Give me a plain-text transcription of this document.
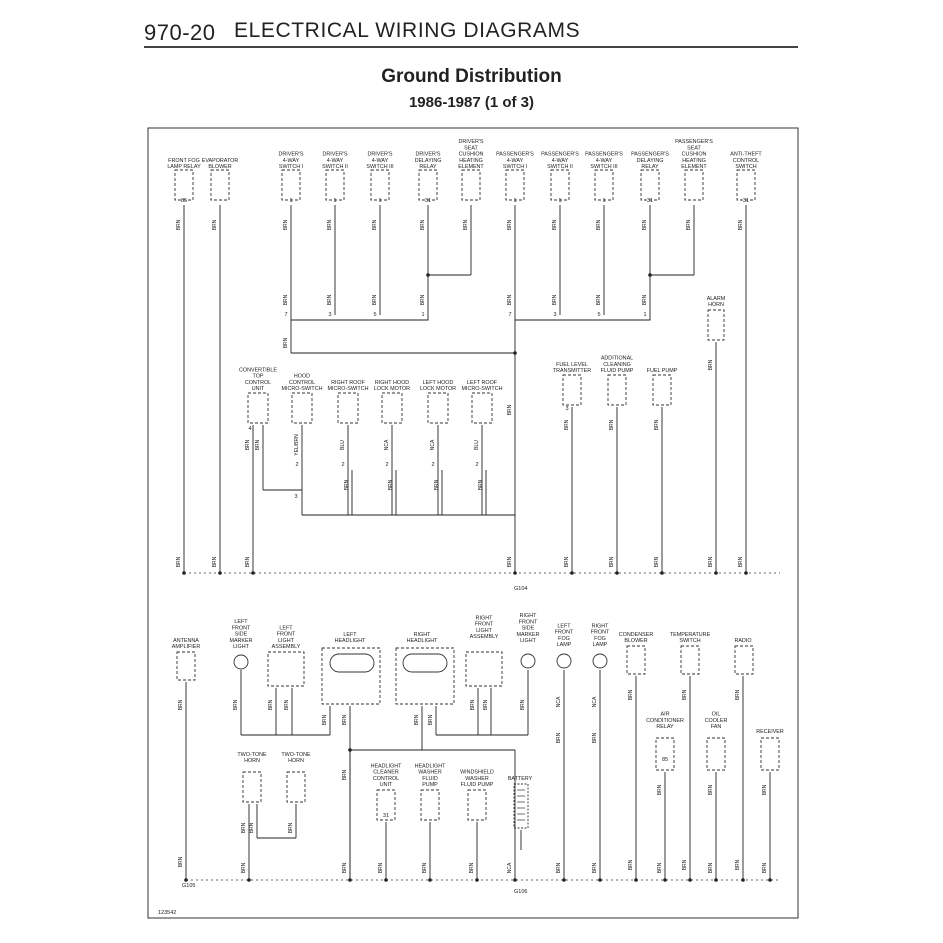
970-20 ELECTRICAL WIRING DIAGRAMS
Ground Distribution
1986-1987 (1 of 3)
FRONT FOG LAMP RELAY
85
BRN
EVAPORATOR BLOWER
BRN
DRIVER'S 4-WAY SWITCH I
1
BRN
DRIVER'S 4-WAY SWITCH II
1
BRN
DRIVER'S 4-WAY SWITCH III
1
BRN
DRIVER'S DELAYING RELAY
31
BRN
DRIVER'S SEAT CUSHION HEATING ELEMENT
BRN
PASSENGER'S 4-WAY SWITCH I
1
BRN
PASSENGER'S 4-WAY SWITCH II
1
BRN
PASSENGER'S 4-WAY SWITCH III
1
BRN
PASSENGER'S DELAYING RELAY
31
BRN
PASSENGER'S SEAT CUSHION HEATING ELEMENT
BRN
ANTI-THEFT CONTROL SWITCH
31
BRN
BRN	BRN	BRN
BRN
7
BRN
3
BRN
5
BRN
1
BRN
BRN
7
BRN
3
BRN
5
BRN
1
BRN
BRN
CONVERTIBLE TOP CONTROL UNIT
HOOD CONTROL MICRO-SWITCH
RIGHT ROOF MICRO-SWITCH
RIGHT HOOD LOCK MOTOR
LEFT HOOD LOCK MOTOR
LEFT ROOF MICRO-SWITCH
FUEL LEVEL TRANSMITTER
ADDITIONAL CLEANING FLUID PUMP FUEL PUMP
ALARM HORN
BRN BRN
BRN
4
YEL/BRN
2
BLU
2
NCA
2
NCA
2
BLU
2
BRN	BRN	BRN	BRN
3
BRN
BRN
BRN
BRN
BRN
BRN
3
BRN
BRN
ANTENNA AMPLIFIER
BRN
BRN
LEFT FRONT SIDE MARKER LIGHT
LEFT FRONT LIGHT ASSEMBLY
BRN	BRN BRN
LEFT HEADLIGHT
RIGHT HEADLIGHT
BRN	BRN	BRN BRN
RIGHT FRONT LIGHT ASSEMBLY
RIGHT FRONT SIDE MARKER LIGHT
BRN BRN	BRN
LEFT FRONT FOG LAMP
RIGHT FRONT FOG LAMP
NCA
BRN
BRN
NCA
BRN
BRN
CONDENSER BLOWER
TEMPERATURE SWITCH	RADIO
BRN
BRN
BRN
BRN
BRN
BRN
TWO-TONE HORN
TWO-TONE HORN
BRN BRN	BRN
BRN
HEADLIGHT CLEANER CONTROL UNIT
HEADLIGHT WASHER FLUID PUMP
WINDSHIELD WASHER FLUID PUMP
31
BRN	BRN	BRN
BRN
BRN
BATTERY
NCA
AIR CONDITIONER RELAY
85
OIL COOLER FAN
RECEIVER
BRN
BRN
BRN
BRN
BRN
BRN
123542
G104
G105
G106
